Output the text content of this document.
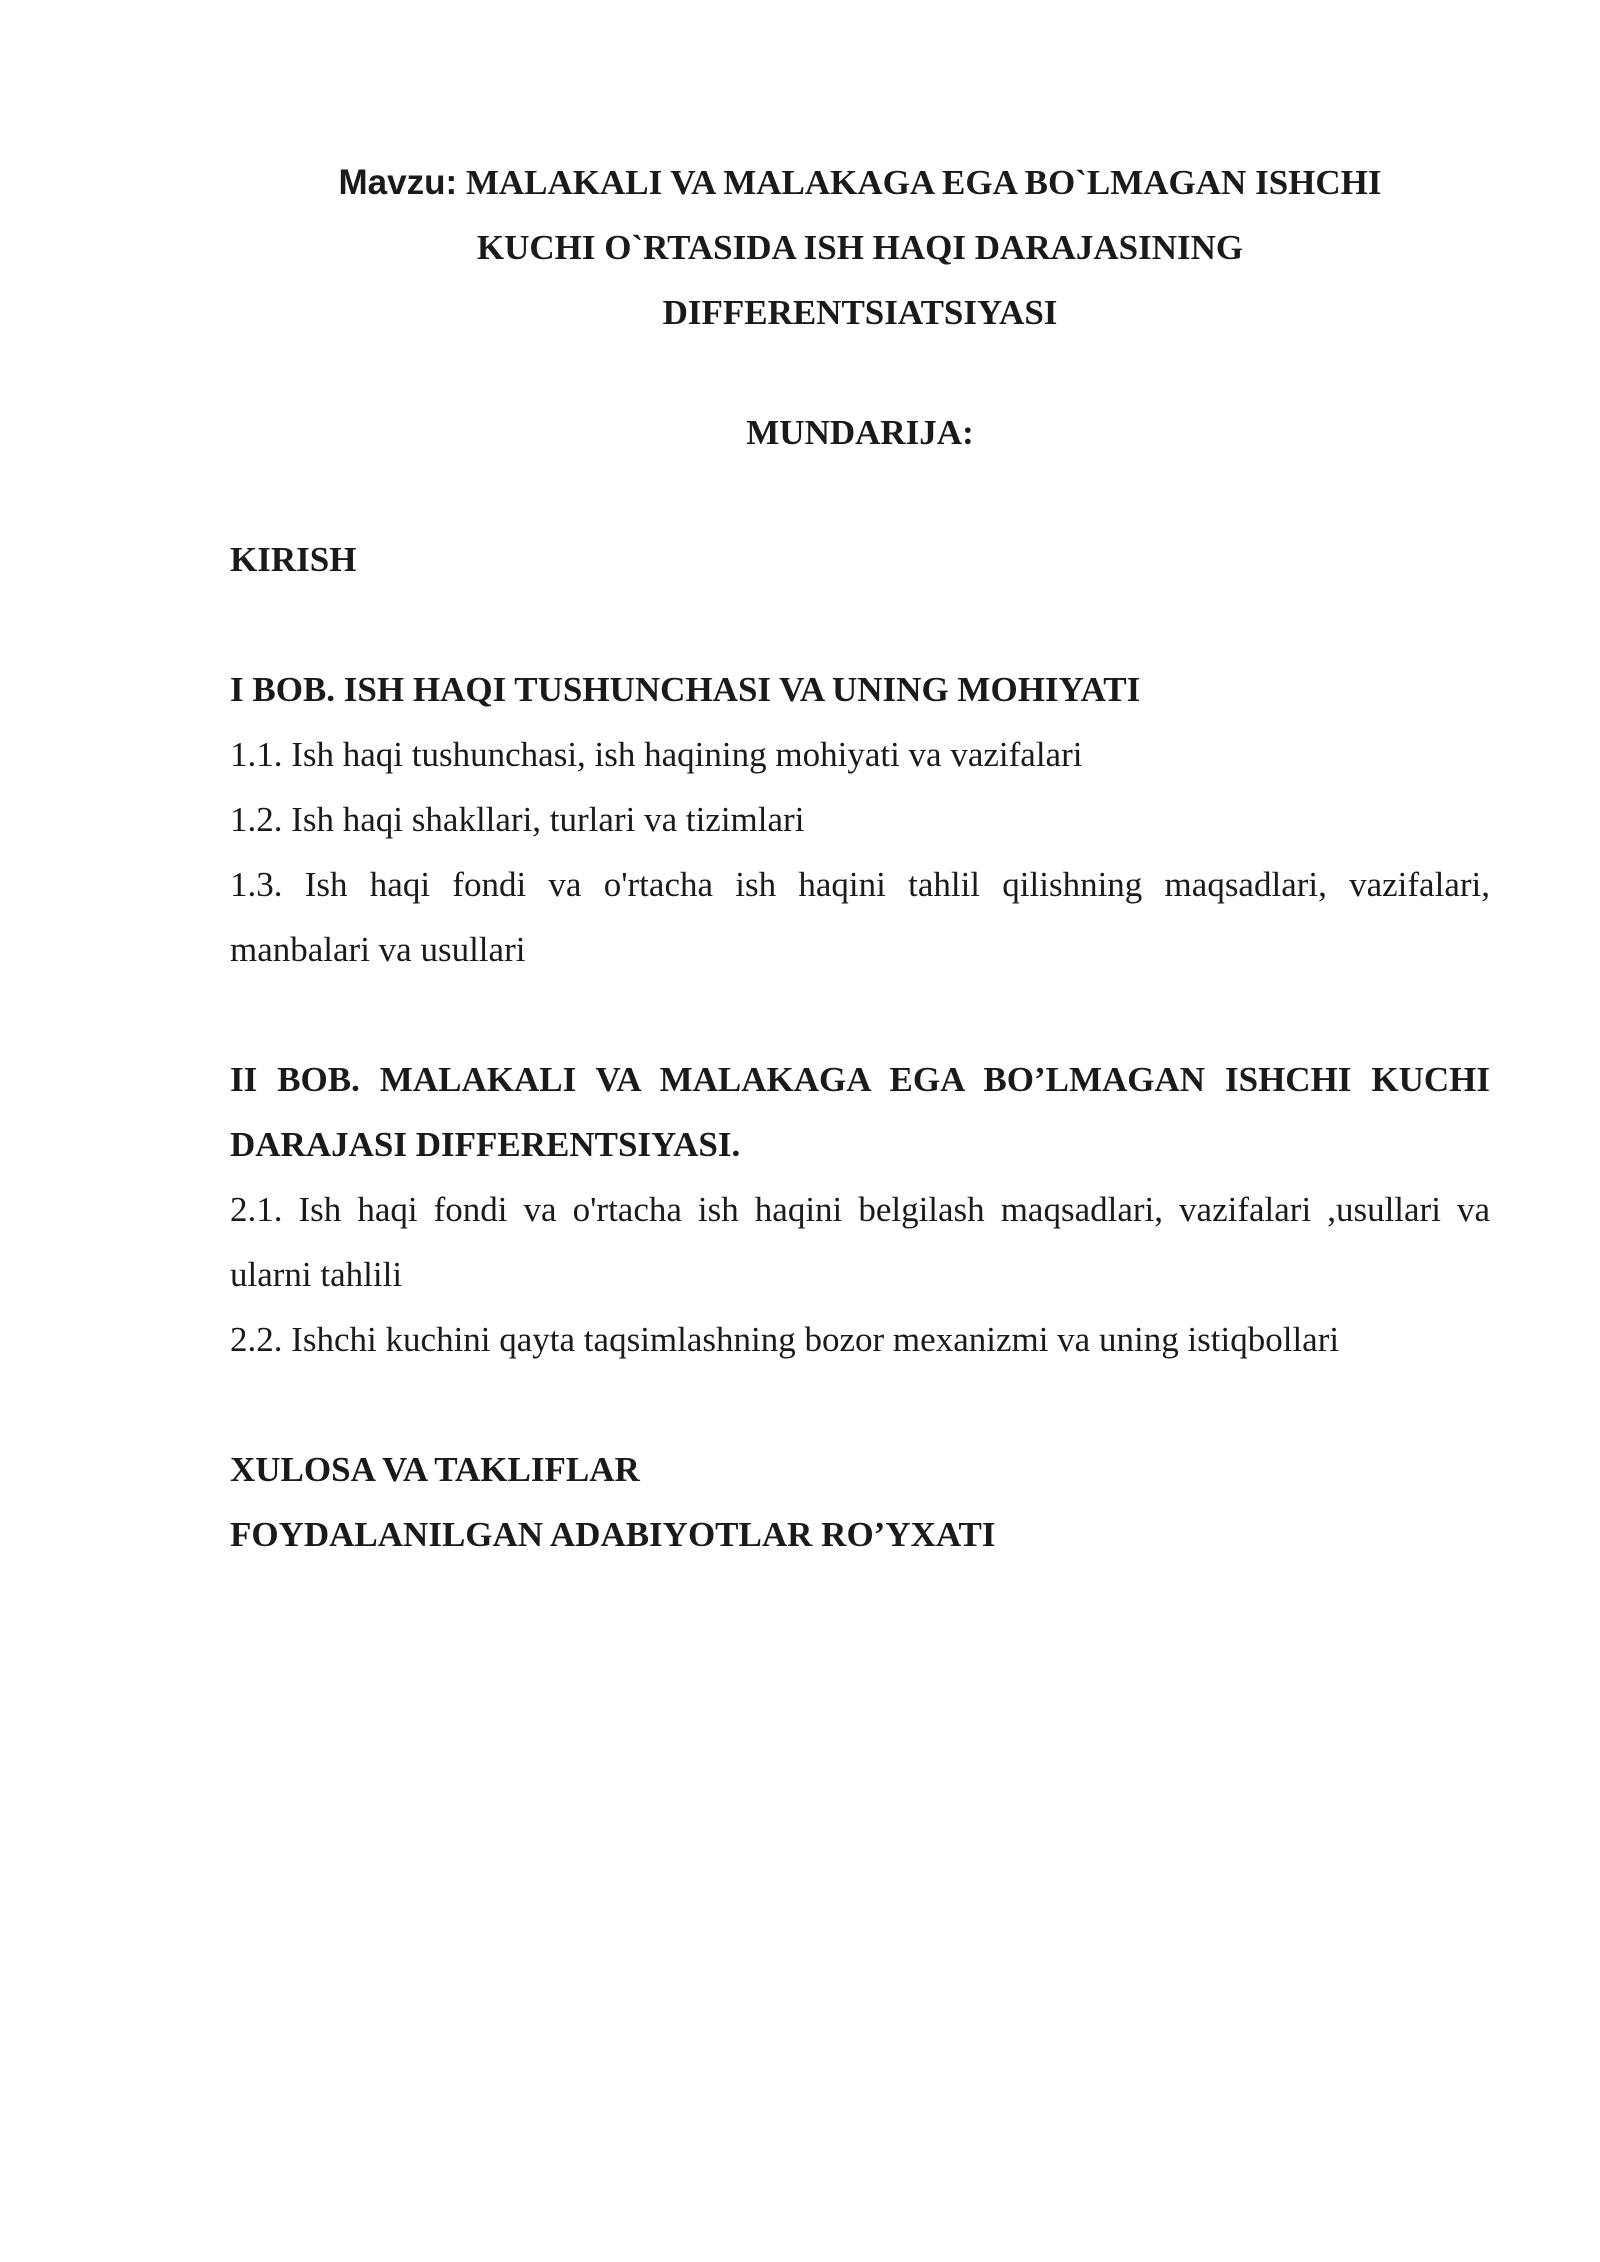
Mavzu: MALAKALI VA MALAKAGA EGA BO`LMAGAN ISHCHI
KUCHI O`RTASIDA ISH HAQI DARAJASINING
DIFFERENTSIATSIYASI
MUNDARIJA:
KIRISH
I BOB. ISH HAQI TUSHUNCHASI VA UNING MOHIYATI
1.1. Ish haqi tushunchasi, ish haqining mohiyati va vazifalari
1.2. Ish haqi shakllari, turlari va tizimlari
1.3. Ish haqi fondi va o'rtacha ish haqini tahlil qilishning maqsadlari, vazifalari, manbalari va usullari
II BOB. MALAKALI VA MALAKAGA EGA BO’LMAGAN ISHCHI KUCHI DARAJASI DIFFERENTSIYASI.
2.1. Ish haqi fondi va o'rtacha ish haqini belgilash maqsadlari, vazifalari ,usullari va ularni tahlili
2.2. Ishchi kuchini qayta taqsimlashning bozor mexanizmi va uning istiqbollari
XULOSA VA TAKLIFLAR
FOYDALANILGAN ADABIYOTLAR RO’YXATI
